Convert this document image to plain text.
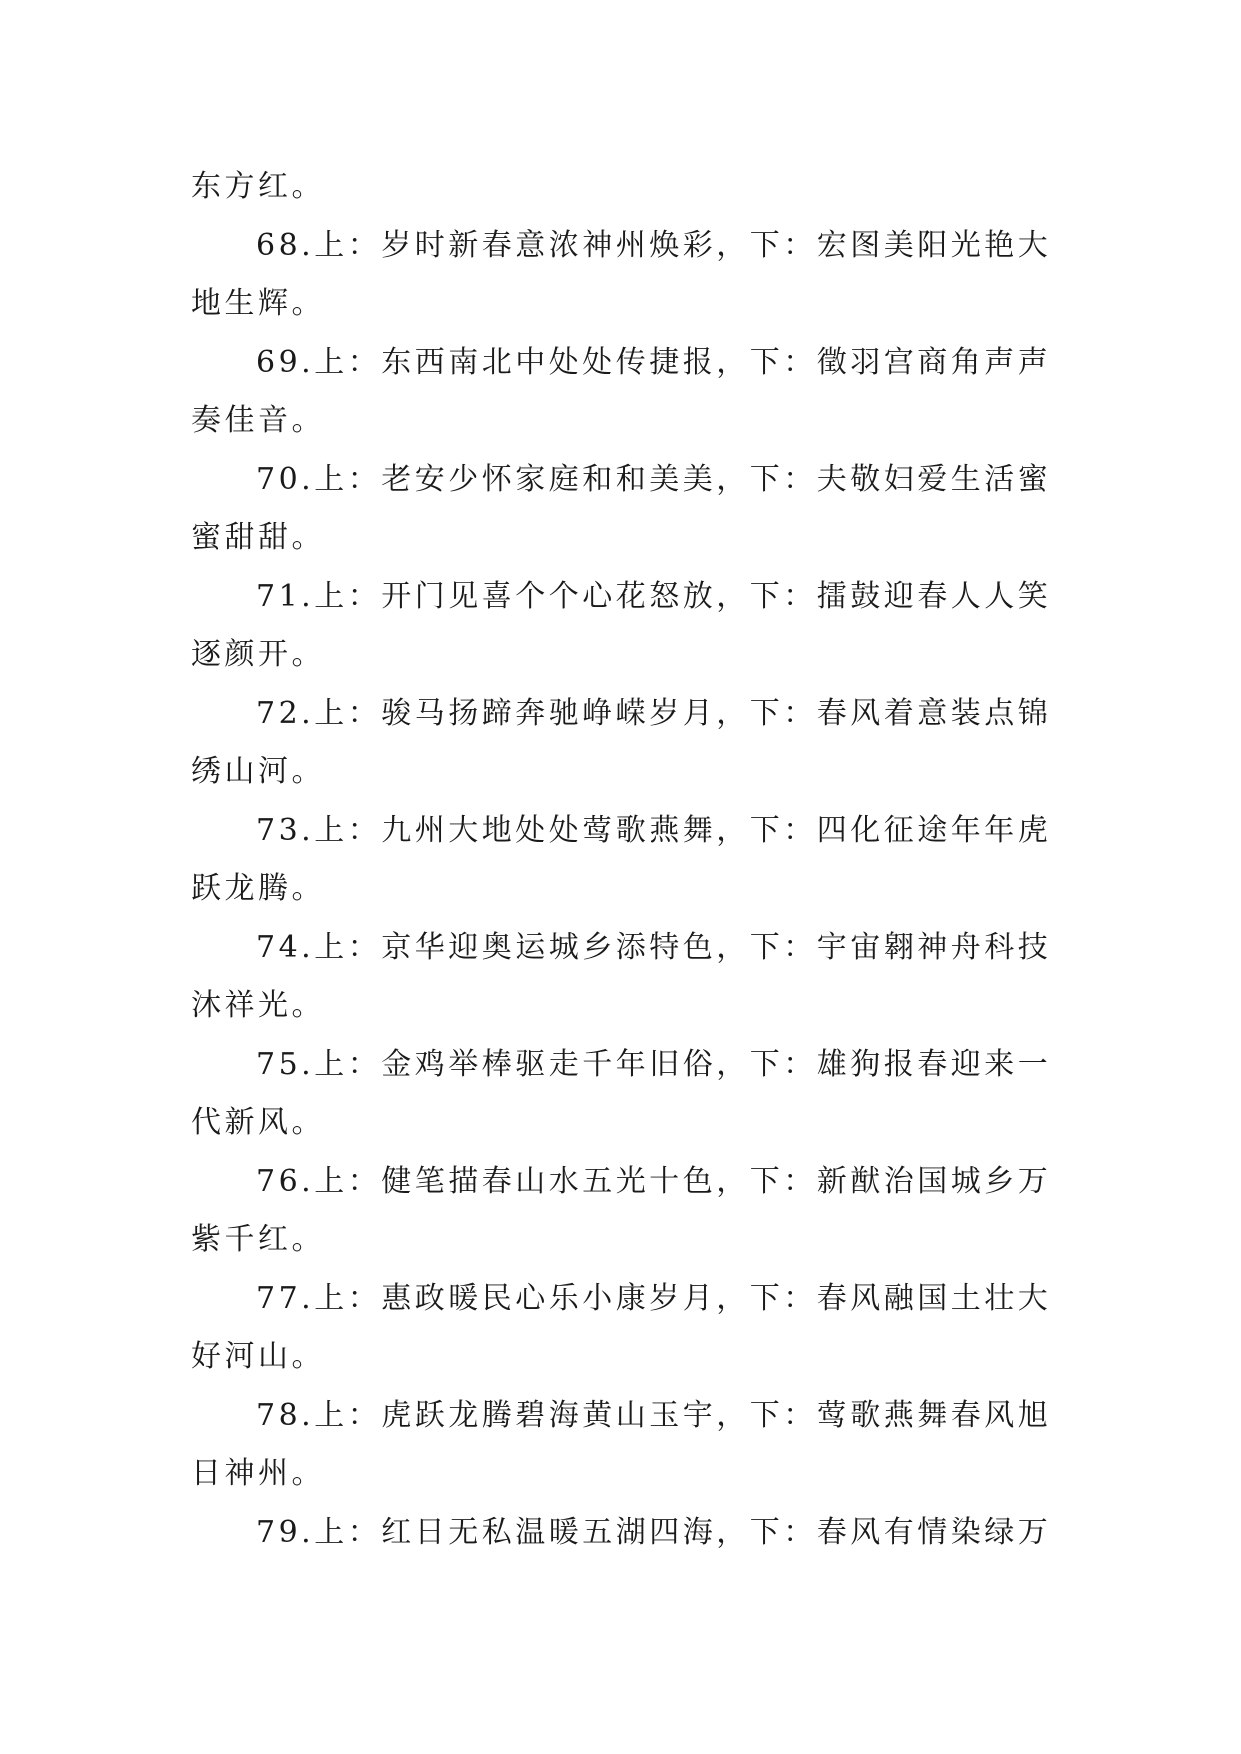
东方红。
68.上：岁时新春意浓神州焕彩，下：宏图美阳光艳大
地生辉。
69.上：东西南北中处处传捷报，下：徵羽宫商角声声
奏佳音。
70.上：老安少怀家庭和和美美，下：夫敬妇爱生活蜜
蜜甜甜。
71.上：开门见喜个个心花怒放，下：擂鼓迎春人人笑
逐颜开。
72.上：骏马扬蹄奔驰峥嵘岁月，下：春风着意装点锦
绣山河。
73.上：九州大地处处莺歌燕舞，下：四化征途年年虎
跃龙腾。
74.上：京华迎奥运城乡添特色，下：宇宙翱神舟科技
沐祥光。
75.上：金鸡举棒驱走千年旧俗，下：雄狗报春迎来一
代新风。
76.上：健笔描春山水五光十色，下：新猷治国城乡万
紫千红。
77.上：惠政暖民心乐小康岁月，下：春风融国土壮大
好河山。
78.上：虎跃龙腾碧海黄山玉宇，下：莺歌燕舞春风旭
日神州。
79.上：红日无私温暖五湖四海，下：春风有情染绿万
